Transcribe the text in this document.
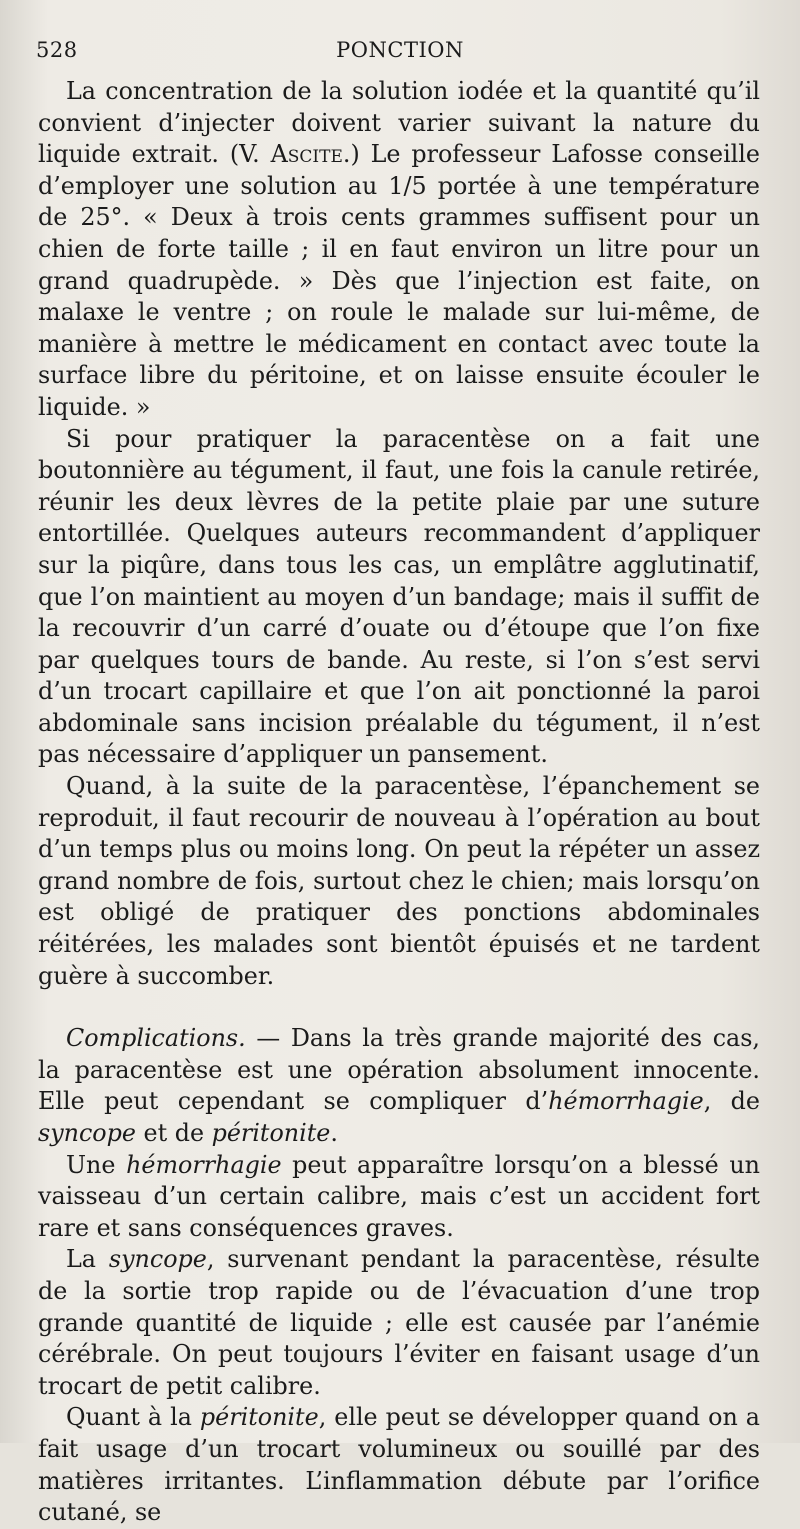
528	PONCTION

La concentration de la solution iodée et la quantité qu’il convient d’injecter doivent varier suivant la nature du liquide extrait. (V. Ascite.) Le professeur Lafosse conseille d’employer une solution au 1/5 portée à une température de 25°. « Deux à trois cents grammes suffisent pour un chien de forte taille ; il en faut environ un litre pour un grand quadrupède. » Dès que l’injection est faite, on malaxe le ventre ; on roule le malade sur lui-même, de manière à mettre le médicament en contact avec toute la surface libre du péritoine, et on laisse ensuite écouler le liquide. »

Si pour pratiquer la paracentèse on a fait une boutonnière au tégument, il faut, une fois la canule retirée, réunir les deux lèvres de la petite plaie par une suture entortillée. Quelques auteurs recommandent d’appliquer sur la piqûre, dans tous les cas, un emplâtre agglutinatif, que l’on maintient au moyen d’un bandage; mais il suffit de la recouvrir d’un carré d’ouate ou d’étoupe que l’on fixe par quelques tours de bande. Au reste, si l’on s’est servi d’un trocart capillaire et que l’on ait ponctionné la paroi abdominale sans incision préalable du tégument, il n’est pas nécessaire d’appliquer un pansement.

Quand, à la suite de la paracentèse, l’épanchement se reproduit, il faut recourir de nouveau à l’opération au bout d’un temps plus ou moins long. On peut la répéter un assez grand nombre de fois, surtout chez le chien; mais lorsqu’on est obligé de pratiquer des ponctions abdominales réitérées, les malades sont bientôt épuisés et ne tardent guère à succomber.

Complications. — Dans la très grande majorité des cas, la paracentèse est une opération absolument innocente. Elle peut cependant se compliquer d’hémorrhagie, de syncope et de péritonite.

Une hémorrhagie peut apparaître lorsqu’on a blessé un vaisseau d’un certain calibre, mais c’est un accident fort rare et sans conséquences graves.

La syncope, survenant pendant la paracentèse, résulte de la sortie trop rapide ou de l’évacuation d’une trop grande quantité de liquide ; elle est causée par l’anémie cérébrale. On peut toujours l’éviter en faisant usage d’un trocart de petit calibre.

Quant à la péritonite, elle peut se développer quand on a fait usage d’un trocart volumineux ou souillé par des matières irritantes. L’inflammation débute par l’orifice cutané, se
